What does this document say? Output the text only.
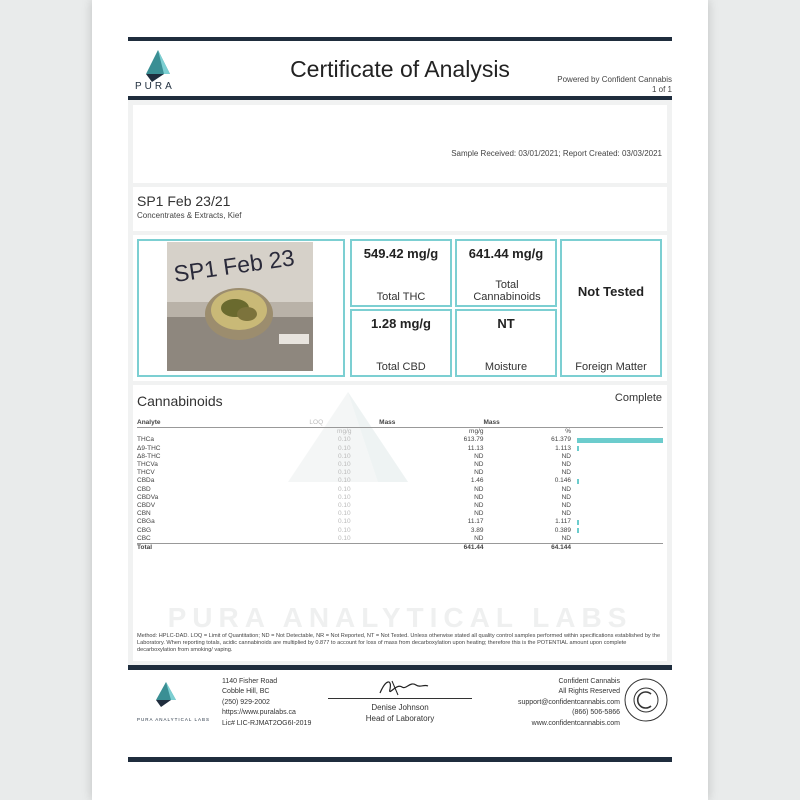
PURA
Certificate of Analysis	Powered by Confident Cannabis
1 of 1
Sample Received: 03/01/2021; Report Created: 03/03/2021
SP1 Feb 23/21
Concentrates & Extracts, Kief
SP1 Feb 23	549.42 mg/g
Total THC
641.44 mg/g
Total Cannabinoids	Not Tested
Foreign Matter
1.28 mg/g
Total CBD
NT
Moisture
PURA ANALYTICAL LABS
Cannabinoids	Complete
Analyte	LOQ	Mass	Mass	
	mg/g	mg/g	%	
THCa	0.10	613.79	61.379	

Δ9-THC	0.10	11.13	1.113	

Δ8-THC	0.10	ND	ND	
THCVa	0.10	ND	ND	
THCV	0.10	ND	ND	
CBDa	0.10	1.46	0.146	

CBD	0.10	ND	ND	
CBDVa	0.10	ND	ND	
CBDV	0.10	ND	ND	
CBN	0.10	ND	ND	
CBGa	0.10	11.17	1.117	

CBG	0.10	3.89	0.389	

CBC	0.10	ND	ND	
Total		641.44	64.144	
Method: HPLC-DAD. LOQ = Limit of Quantitation; ND = Not Detectable, NR = Not Reported, NT = Not Tested. Unless otherwise stated all quality control samples performed within specifications established by the Laboratory. When reporting totals, acidic cannabinoids are multiplied by 0.877 to account for loss of mass from decarboxylation upon heating; therefore this is the POTENTIAL amount upon complete decarboxylation from smoking/ vaping.
PURA ANALYTICAL LABS
1140 Fisher Road
Cobble Hill, BC
(250) 929-2002
https://www.puralabs.ca
Lic# LIC-RJMAT2OG6I-2019
Denise Johnson
Head of Laboratory
Confident Cannabis
All Rights Reserved
support@confidentcannabis.com
(866) 506-5866
www.confidentcannabis.com
